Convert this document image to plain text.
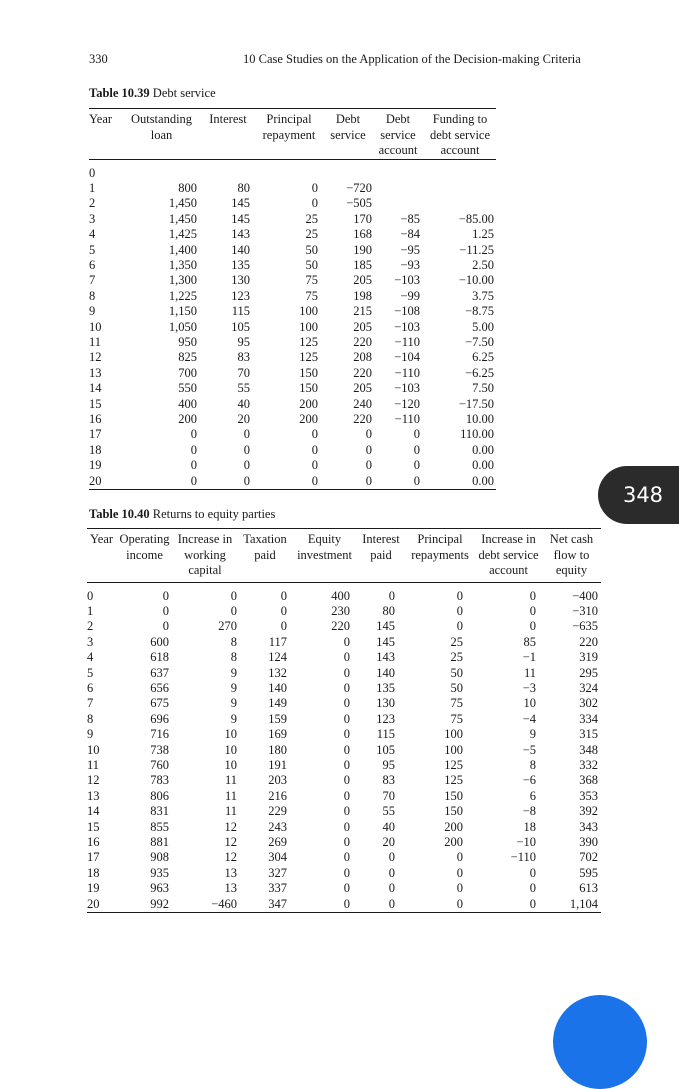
330	10 Case Studies on the Application of the Decision-making Criteria
Table 10.39 Debt service
Year	Outstanding loan	Interest	Principal repayment	Debt service	Debt service account	Funding to debt service account
0						
1	800	80	0	−720		
2	1,450	145	0	−505		
3	1,450	145	25	170	−85	−85.00
4	1,425	143	25	168	−84	1.25
5	1,400	140	50	190	−95	−11.25
6	1,350	135	50	185	−93	2.50
7	1,300	130	75	205	−103	−10.00
8	1,225	123	75	198	−99	3.75
9	1,150	115	100	215	−108	−8.75
10	1,050	105	100	205	−103	5.00
11	950	95	125	220	−110	−7.50
12	825	83	125	208	−104	6.25
13	700	70	150	220	−110	−6.25
14	550	55	150	205	−103	7.50
15	400	40	200	240	−120	−17.50
16	200	20	200	220	−110	10.00
17	0	0	0	0	0	110.00
18	0	0	0	0	0	0.00
19	0	0	0	0	0	0.00
20	0	0	0	0	0	0.00
Table 10.40 Returns to equity parties
Year	Operating income	Increase in working capital	Taxation paid	Equity investment	Interest paid	Principal repayments	Increase in debt service account	Net cash flow to equity
0	0	0	0	400	0	0	0	−400
1	0	0	0	230	80	0	0	−310
2	0	270	0	220	145	0	0	−635
3	600	8	117	0	145	25	85	220
4	618	8	124	0	143	25	−1	319
5	637	9	132	0	140	50	11	295
6	656	9	140	0	135	50	−3	324
7	675	9	149	0	130	75	10	302
8	696	9	159	0	123	75	−4	334
9	716	10	169	0	115	100	9	315
10	738	10	180	0	105	100	−5	348
11	760	10	191	0	95	125	8	332
12	783	11	203	0	83	125	−6	368
13	806	11	216	0	70	150	6	353
14	831	11	229	0	55	150	−8	392
15	855	12	243	0	40	200	18	343
16	881	12	269	0	20	200	−10	390
17	908	12	304	0	0	0	−110	702
18	935	13	327	0	0	0	0	595
19	963	13	337	0	0	0	0	613
20	992	−460	347	0	0	0	0	1,104
348
